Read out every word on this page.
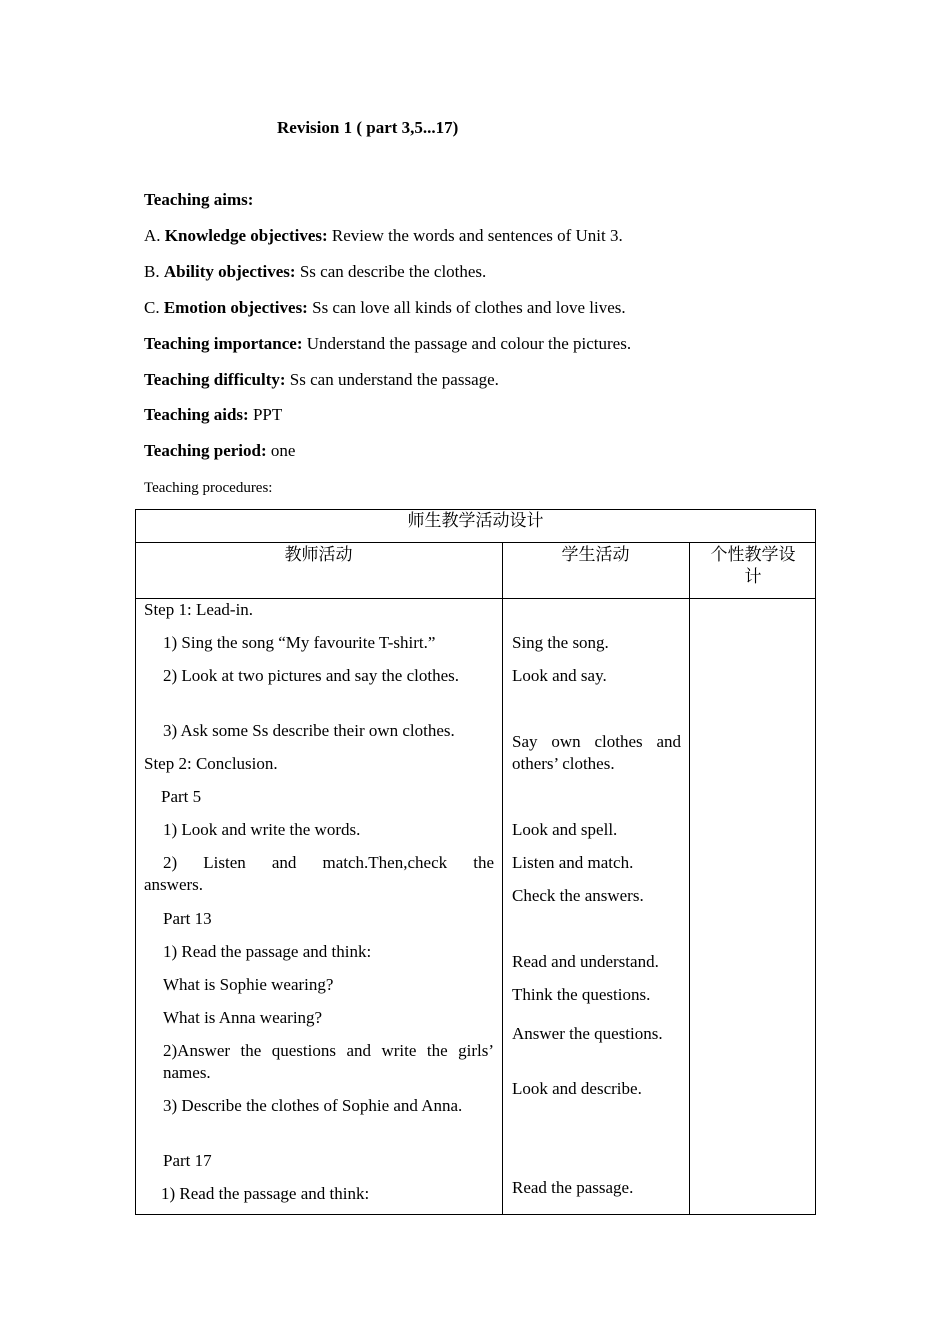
Revision 1 ( part 3,5...17)
Teaching aims:
A. Knowledge objectives: Review the words and sentences of Unit 3.
B. Ability objectives: Ss can describe the clothes.
C. Emotion objectives: Ss can love all kinds of clothes and love lives.
Teaching importance: Understand the passage and colour the pictures.
Teaching difficulty: Ss can understand the passage.
Teaching aids: PPT
Teaching period: one
Teaching procedures:
师生教学活动设计
教师活动	学生活动	个性教学设计
Step 1: Lead-in.
1) Sing the song “My favourite T-shirt.”
2) Look at two pictures and say the clothes.
3) Ask some Ss describe their own clothes.
Step 2: Conclusion.
Part 5
1) Look and write the words.
2) Listen and match.Then,check the answers.
Part 13
1) Read the passage and think:
What is Sophie wearing?
What is Anna wearing?
2)Answer the questions and write the girls’ names.
3) Describe the clothes of Sophie and Anna.
Part 17
1) Read the passage and think:
Sing the song.
Look and say.
Say own clothes and others’ clothes.
Look and spell.
Listen and match.
Check the answers.
Read and understand.
Think the questions.
Answer the questions.
Look and describe.
Read the passage.
